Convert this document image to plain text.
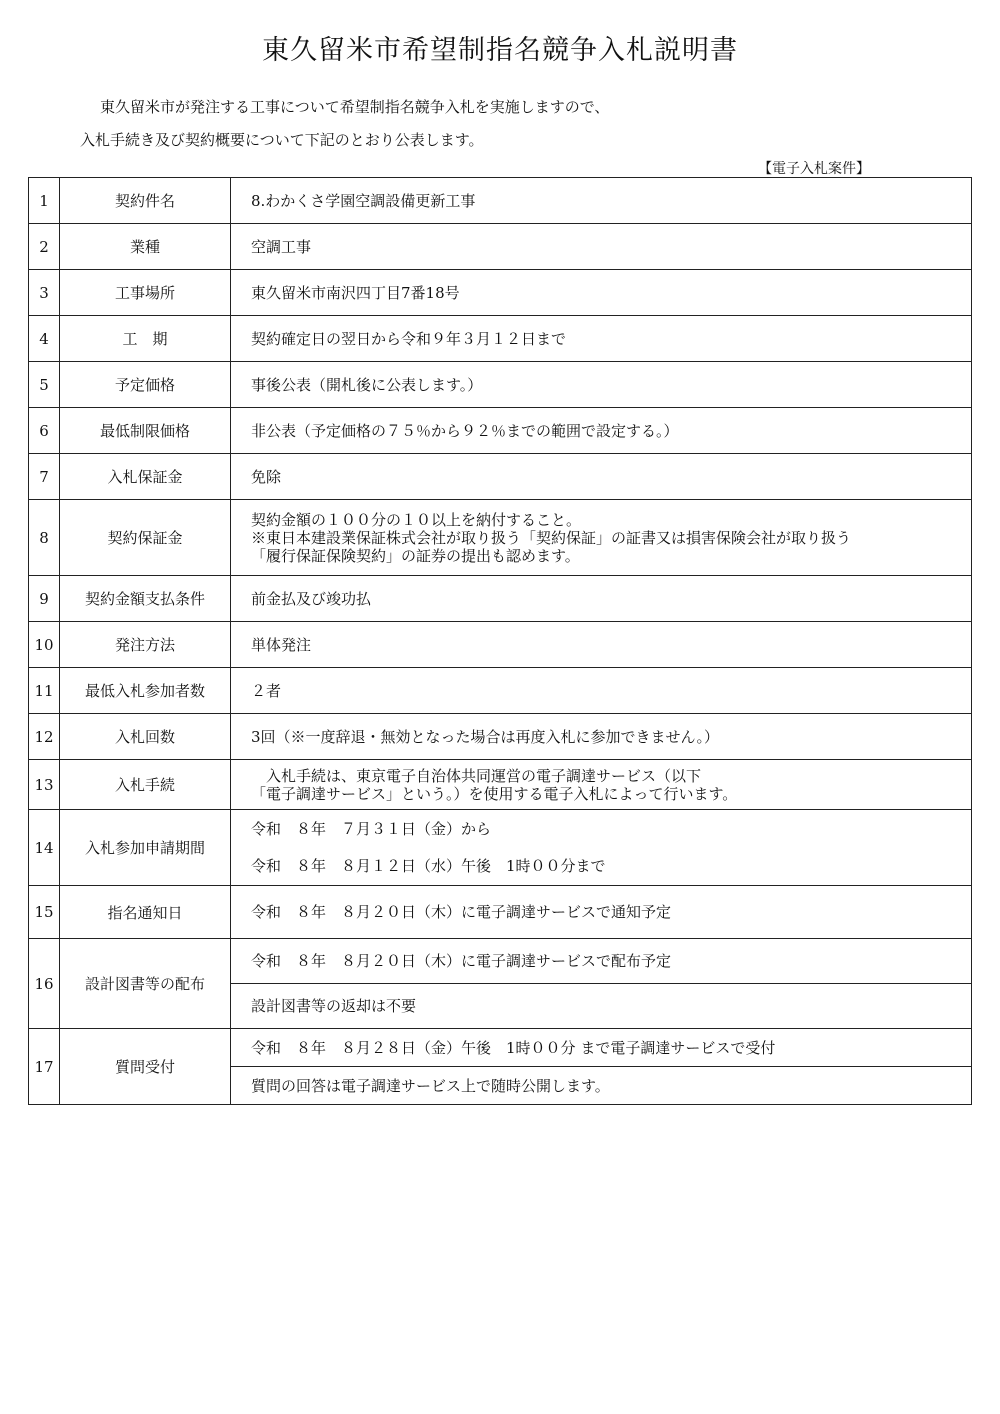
東久留米市希望制指名競争入札説明書
東久留米市が発注する工事について希望制指名競争入札を実施しますので、
入札手続き及び契約概要について下記のとおり公表します。
【電子入札案件】
1	契約件名	8.わかくさ学園空調設備更新工事
2	業種	空調工事
3	工事場所	東久留米市南沢四丁目7番18号
4	工　期	契約確定日の翌日から令和９年３月１２日まで
5	予定価格	事後公表（開札後に公表します。）
6	最低制限価格	非公表（予定価格の７５％から９２％までの範囲で設定する。）
7	入札保証金	免除
8	契約保証金	契約金額の１００分の１０以上を納付すること。
※東日本建設業保証株式会社が取り扱う「契約保証」の証書又は損害保険会社が取り扱う
「履行保証保険契約」の証券の提出も認めます。

9	契約金額支払条件	前金払及び竣功払
10	発注方法	単体発注
11	最低入札参加者数	２者
12	入札回数	3回（※一度辞退・無効となった場合は再度入札に参加できません。）
13	入札手続	　入札手続は、東京電子自治体共同運営の電子調達サービス（以下
「電子調達サービス」という。）を使用する電子入札によって行います。

14	入札参加申請期間	令和　８年　７月３１日（金）から
令和　８年　８月１２日（水）午後　1時００分まで

15	指名通知日	令和　８年　８月２０日（木）に電子調達サービスで通知予定
16	設計図書等の配布	令和　８年　８月２０日（木）に電子調達サービスで配布予定
		設計図書等の返却は不要
17	質問受付	令和　８年　８月２８日（金）午後　1時００分 まで電子調達サービスで受付
		質問の回答は電子調達サービス上で随時公開します。
